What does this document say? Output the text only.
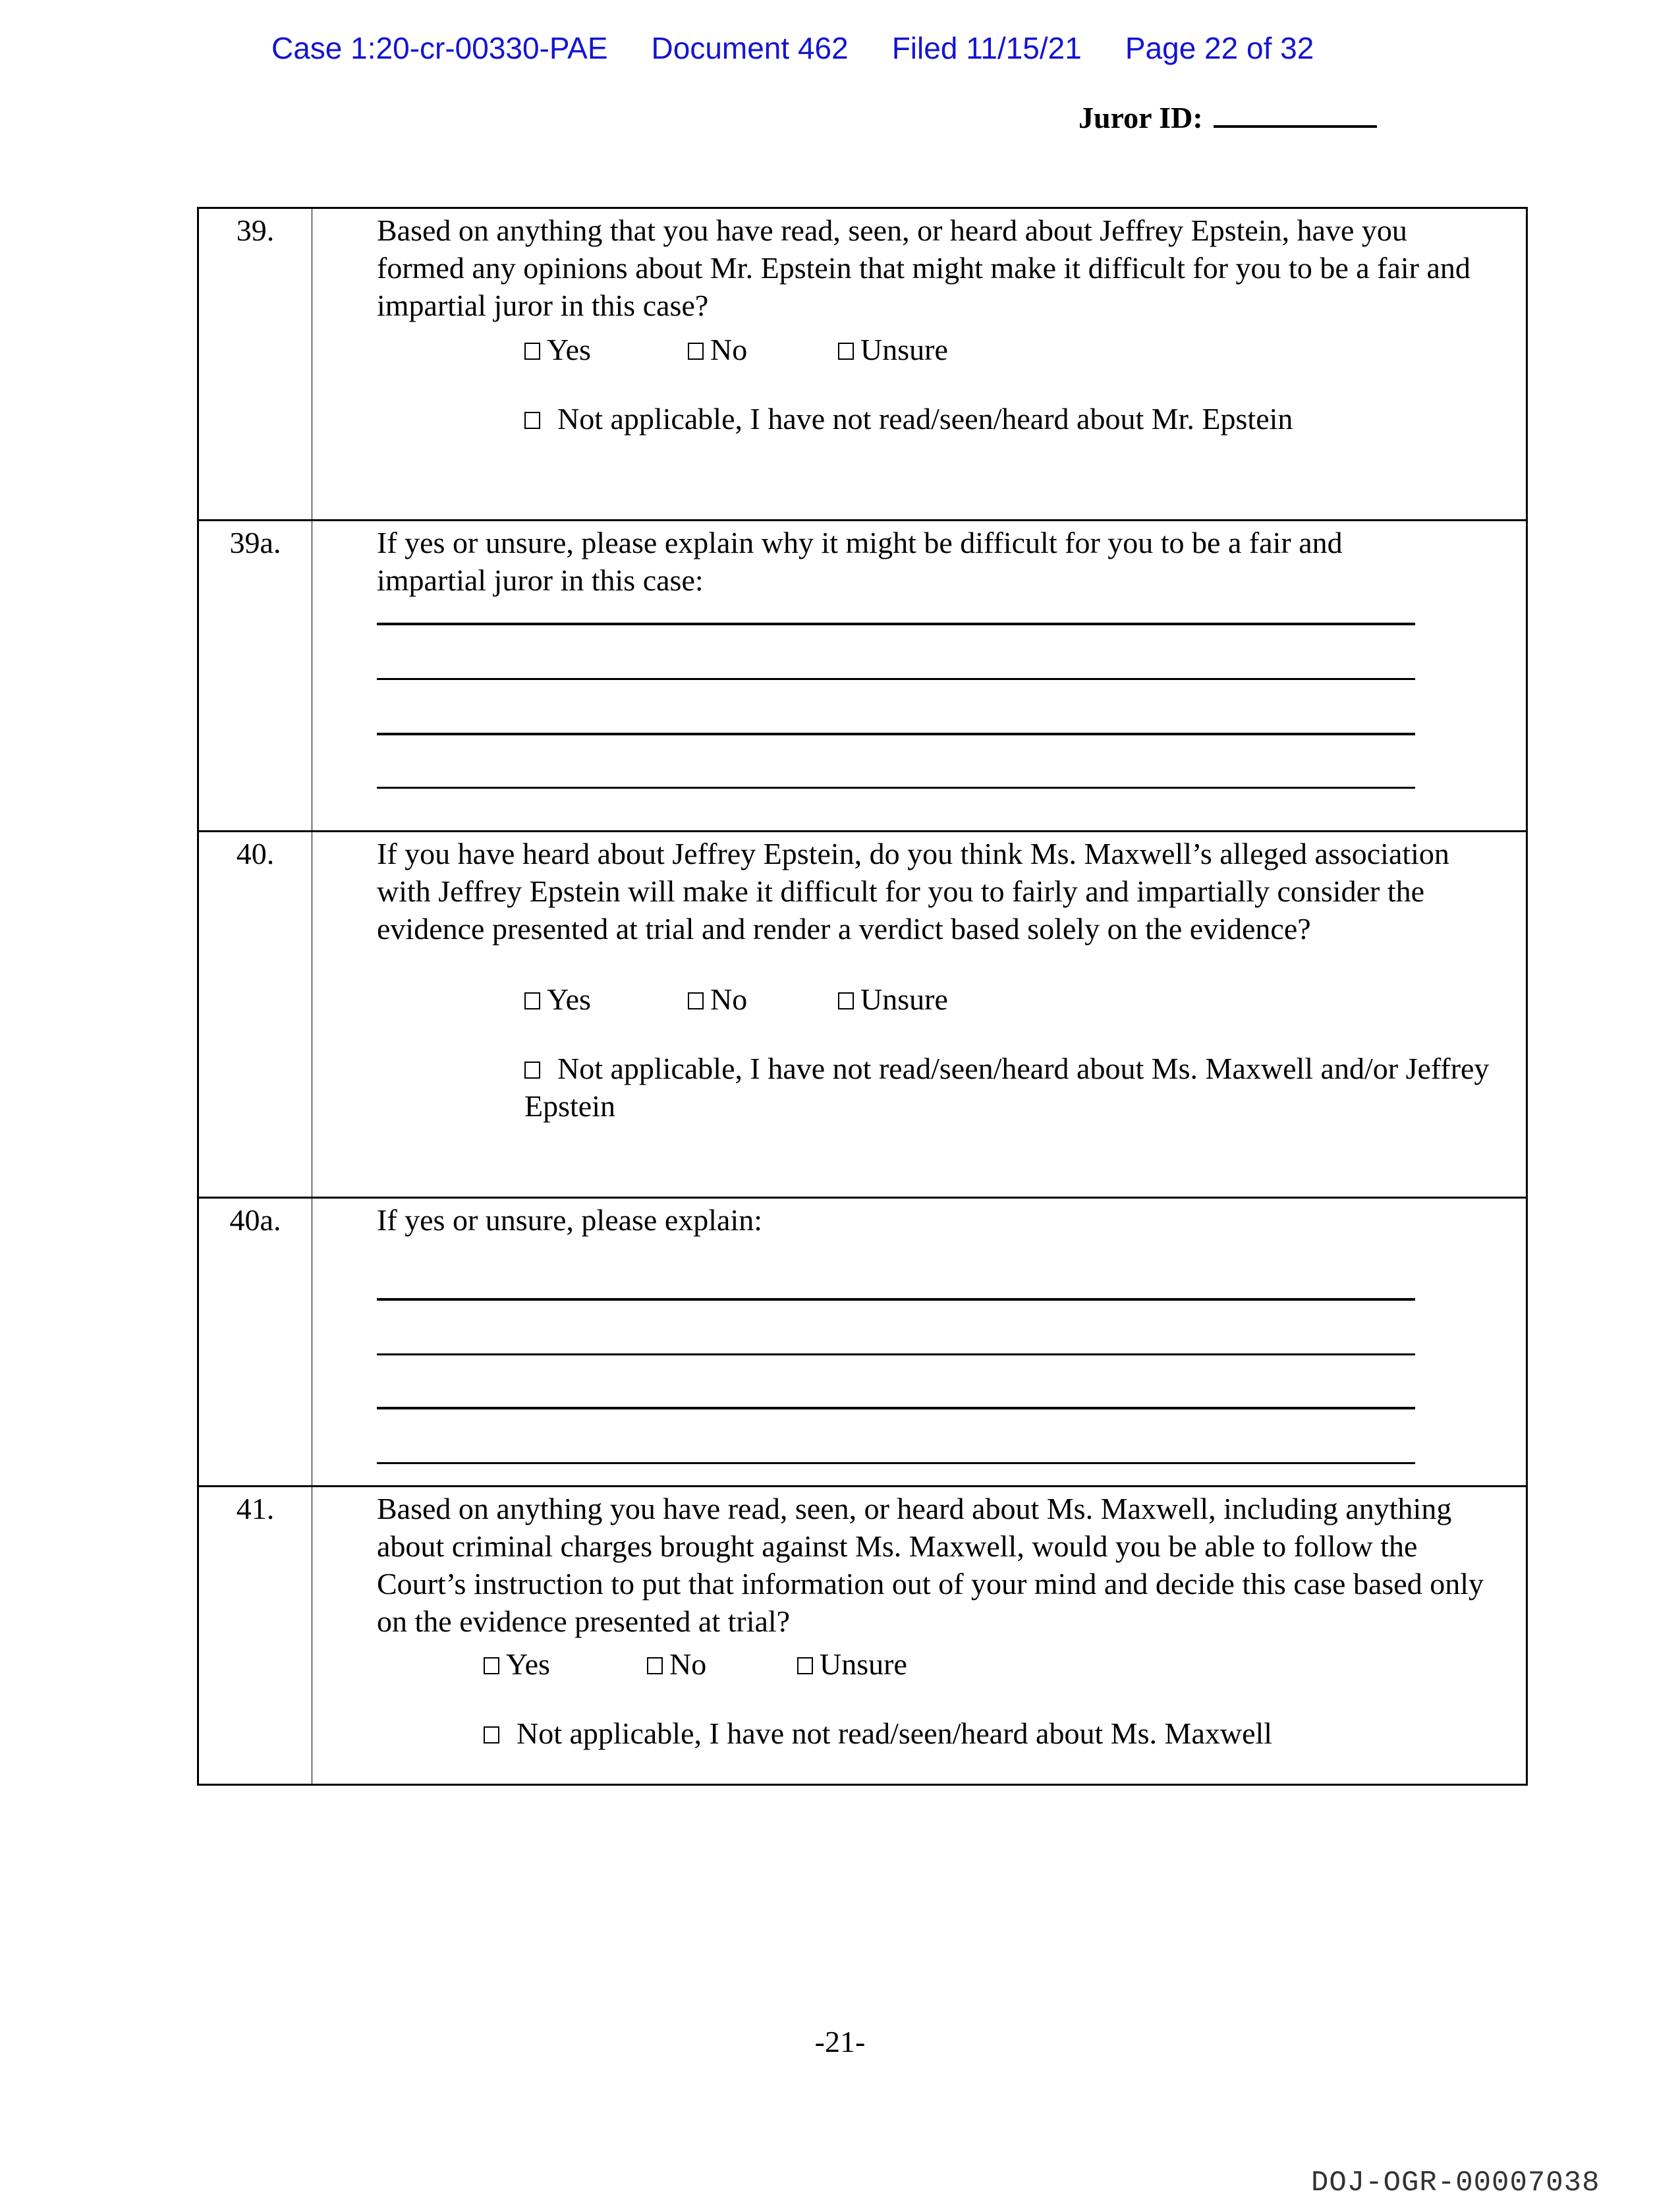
Case 1:20-cr-00330-PAE Document 462 Filed 11/15/21 Page 22 of 32
Juror ID:
39.	Based on anything that you have read, seen, or heard about Jeffrey Epstein, have you formed any opinions about Mr. Epstein that might make it difficult for you to be a fair and impartial juror in this case?
Yes No Unsure
Not applicable, I have not read/seen/heard about Mr. Epstein

39a.	If yes or unsure, please explain why it might be difficult for you to be a fair and impartial juror in this case:

40.	If you have heard about Jeffrey Epstein, do you think Ms. Maxwell’s alleged association with Jeffrey Epstein will make it difficult for you to fairly and impartially consider the evidence presented at trial and render a verdict based solely on the evidence?
Yes No Unsure
Not applicable, I have not read/seen/heard about Ms. Maxwell and/or Jeffrey Epstein

40a.	If yes or unsure, please explain:

41.	Based on anything you have read, seen, or heard about Ms. Maxwell, including anything about criminal charges brought against Ms. Maxwell, would you be able to follow the Court’s instruction to put that information out of your mind and decide this case based only on the evidence presented at trial?
Yes No Unsure
Not applicable, I have not read/seen/heard about Ms. Maxwell
-21-
DOJ-OGR-00007038
